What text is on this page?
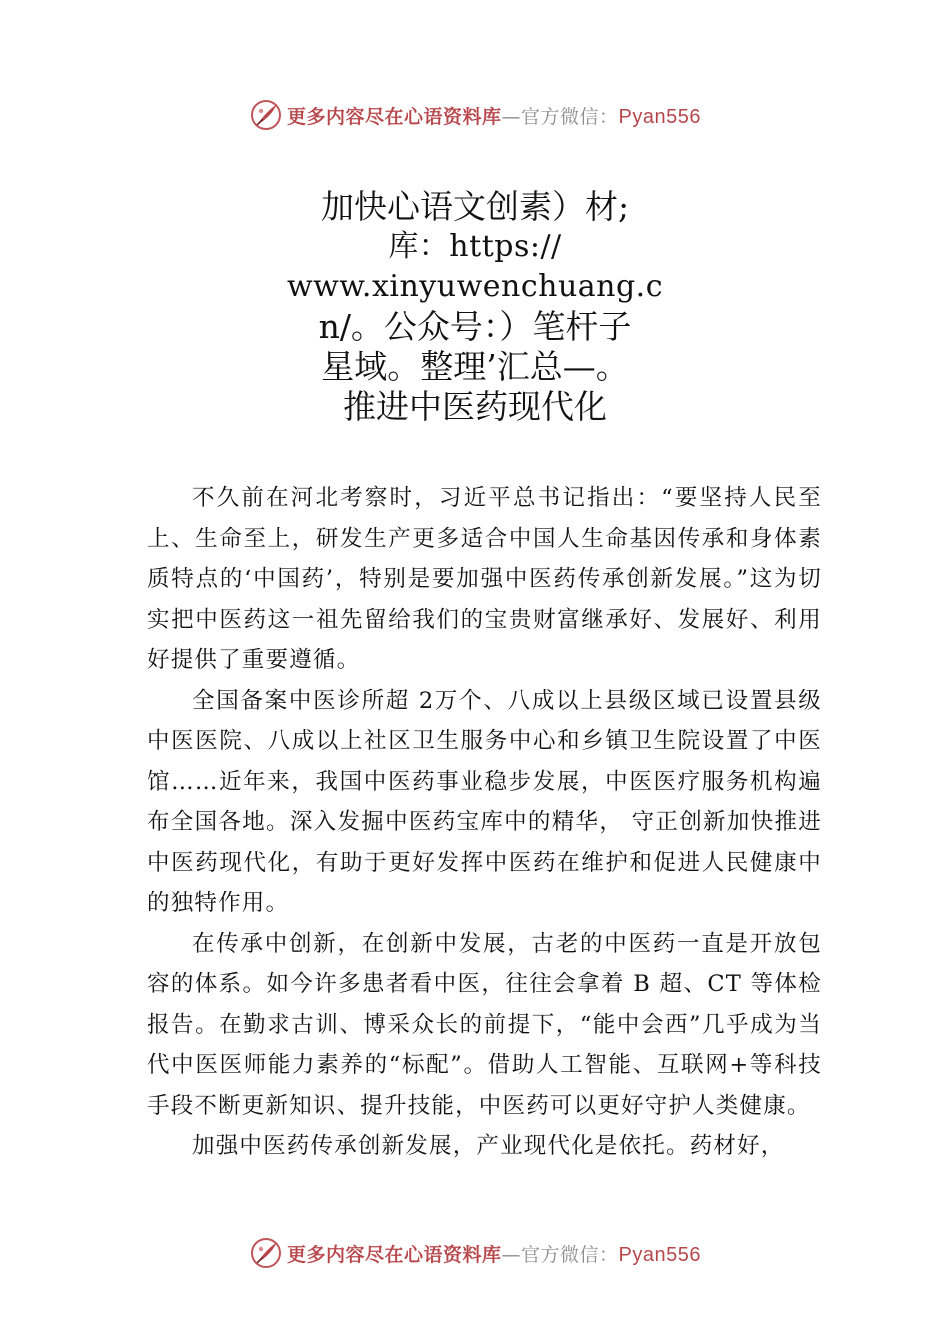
更多内容尽在心语资料库—官方微信：Pyan556
加快心语文创素）材;
库：https://
www.xinyuwenchuang.c
n/。公众号：）笔杆子
星域。整理’汇总—。
推进中医药现代化

不久前在河北考察时，习近平总书记指出：“要坚持人民至上、生命至上，研发生产更多适合中国人生命基因传承和身体素质特点的‘中国药’，特别是要加强中医药传承创新发展。”这为切实把中医药这一祖先留给我们的宝贵财富继承好、发展好、利用好提供了重要遵循。

全国备案中医诊所超 2万个、八成以上县级区域已设置县级中医医院、八成以上社区卫生服务中心和乡镇卫生院设置了中医馆……近年来，我国中医药事业稳步发展，中医医疗服务机构遍布全国各地。深入发掘中医药宝库中的精华， 守正创新加快推进中医药现代化，有助于更好发挥中医药在维护和促进人民健康中的独特作用。

在传承中创新，在创新中发展，古老的中医药一直是开放包容的体系。如今许多患者看中医，往往会拿着 B 超、CT 等体检报告。在勤求古训、博采众长的前提下，“能中会西”几乎成为当代中医医师能力素养的“标配”。借助人工智能、互联网+等科技手段不断更新知识、提升技能，中医药可以更好守护人类健康。

加强中医药传承创新发展，产业现代化是依托。药材好，

更多内容尽在心语资料库—官方微信：Pyan556
